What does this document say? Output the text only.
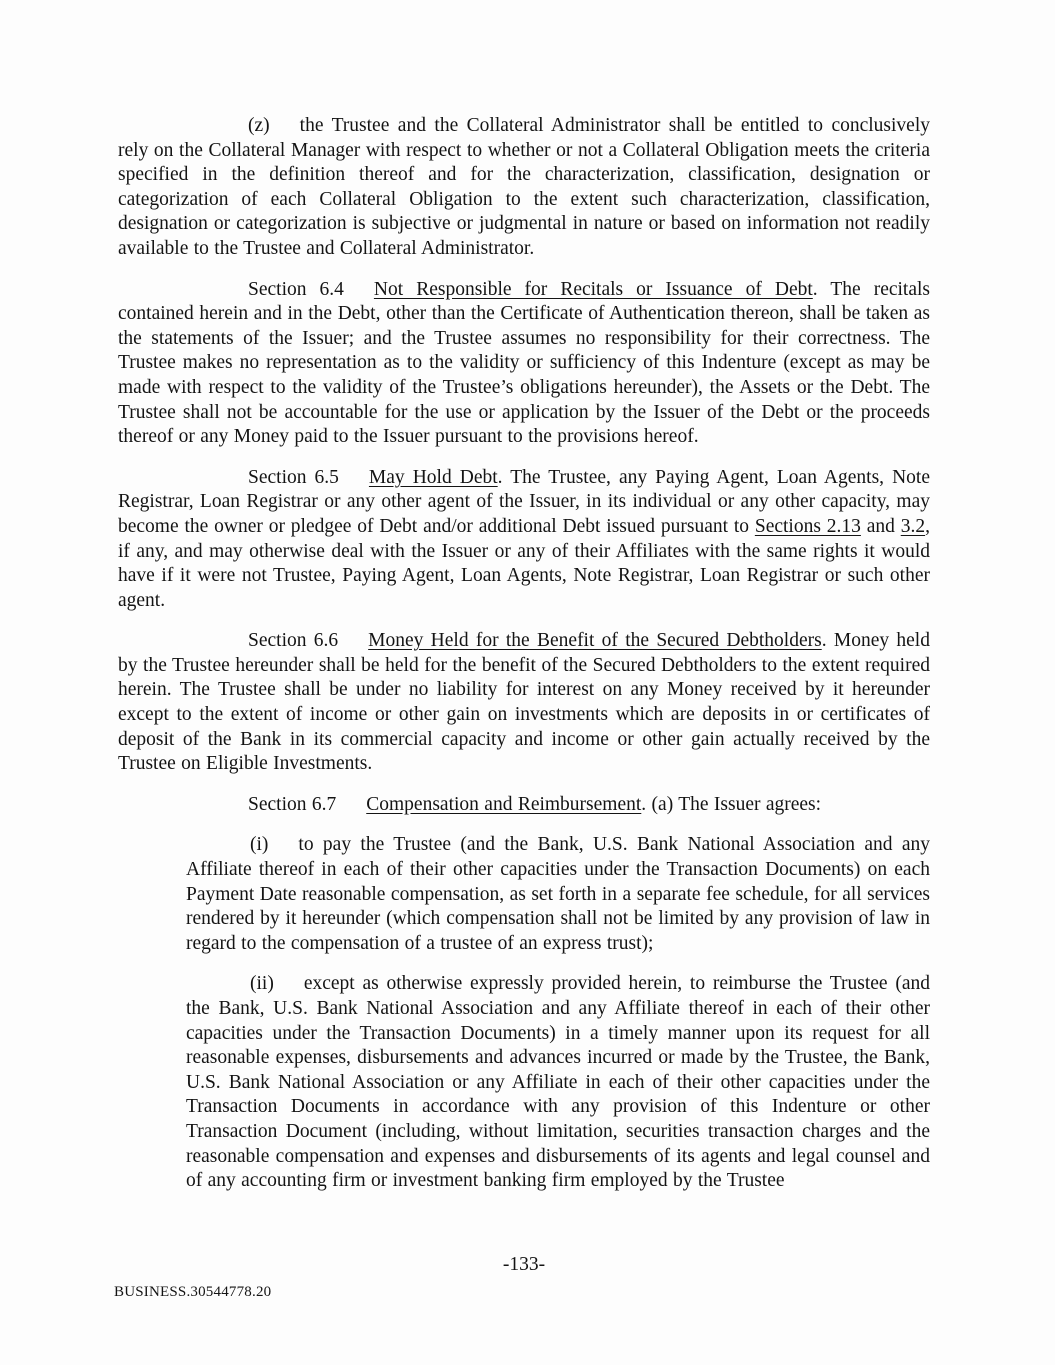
(z) the Trustee and the Collateral Administrator shall be entitled to conclusively rely on the Collateral Manager with respect to whether or not a Collateral Obligation meets the criteria specified in the definition thereof and for the characterization, classification, designation or categorization of each Collateral Obligation to the extent such characterization, classification, designation or categorization is subjective or judgmental in nature or based on information not readily available to the Trustee and Collateral Administrator.

Section 6.4 Not Responsible for Recitals or Issuance of Debt. The recitals contained herein and in the Debt, other than the Certificate of Authentication thereon, shall be taken as the statements of the Issuer; and the Trustee assumes no responsibility for their correctness. The Trustee makes no representation as to the validity or sufficiency of this Indenture (except as may be made with respect to the validity of the Trustee’s obligations hereunder), the Assets or the Debt. The Trustee shall not be accountable for the use or application by the Issuer of the Debt or the proceeds thereof or any Money paid to the Issuer pursuant to the provisions hereof.

Section 6.5 May Hold Debt. The Trustee, any Paying Agent, Loan Agents, Note Registrar, Loan Registrar or any other agent of the Issuer, in its individual or any other capacity, may become the owner or pledgee of Debt and/or additional Debt issued pursuant to Sections 2.13 and 3.2, if any, and may otherwise deal with the Issuer or any of their Affiliates with the same rights it would have if it were not Trustee, Paying Agent, Loan Agents, Note Registrar, Loan Registrar or such other agent.

Section 6.6 Money Held for the Benefit of the Secured Debtholders. Money held by the Trustee hereunder shall be held for the benefit of the Secured Debtholders to the extent required herein. The Trustee shall be under no liability for interest on any Money received by it hereunder except to the extent of income or other gain on investments which are deposits in or certificates of deposit of the Bank in its commercial capacity and income or other gain actually received by the Trustee on Eligible Investments.

Section 6.7 Compensation and Reimbursement. (a) The Issuer agrees:

(i) to pay the Trustee (and the Bank, U.S. Bank National Association and any Affiliate thereof in each of their other capacities under the Transaction Documents) on each Payment Date reasonable compensation, as set forth in a separate fee schedule, for all services rendered by it hereunder (which compensation shall not be limited by any provision of law in regard to the compensation of a trustee of an express trust);

(ii) except as otherwise expressly provided herein, to reimburse the Trustee (and the Bank, U.S. Bank National Association and any Affiliate thereof in each of their other capacities under the Transaction Documents) in a timely manner upon its request for all reasonable expenses, disbursements and advances incurred or made by the Trustee, the Bank, U.S. Bank National Association or any Affiliate in each of their other capacities under the Transaction Documents in accordance with any provision of this Indenture or other Transaction Document (including, without limitation, securities transaction charges and the reasonable compensation and expenses and disbursements of its agents and legal counsel and of any accounting firm or investment banking firm employed by the Trustee

-133-
BUSINESS.30544778.20
